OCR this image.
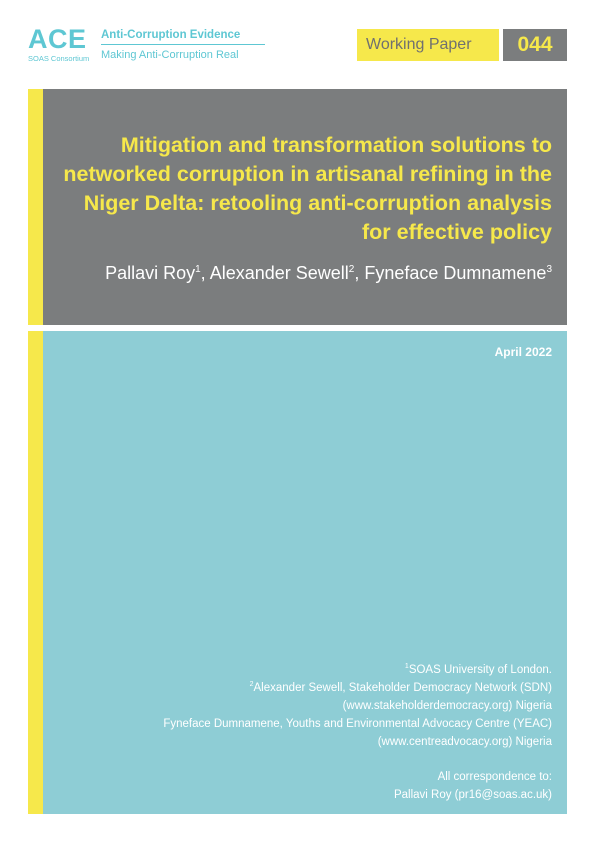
ACE
SOAS Consortium
Anti-Corruption Evidence
Making Anti-Corruption Real
Working Paper	044
Mitigation and transformation solutions to networked corruption in artisanal refining in the Niger Delta: retooling anti-corruption analysis for effective policy
Pallavi Roy$^1$, Alexander Sewell$^2$, Fyneface Dumnamene$^3$
April 2022
$^1$SOAS University of London.
$^2$Alexander Sewell, Stakeholder Democracy Network (SDN)
(www.stakeholderdemocracy.org) Nigeria
Fyneface Dumnamene, Youths and Environmental Advocacy Centre (YEAC)
(www.centreadvocacy.org) Nigeria
All correspondence to:
Pallavi Roy (pr16@soas.ac.uk)
